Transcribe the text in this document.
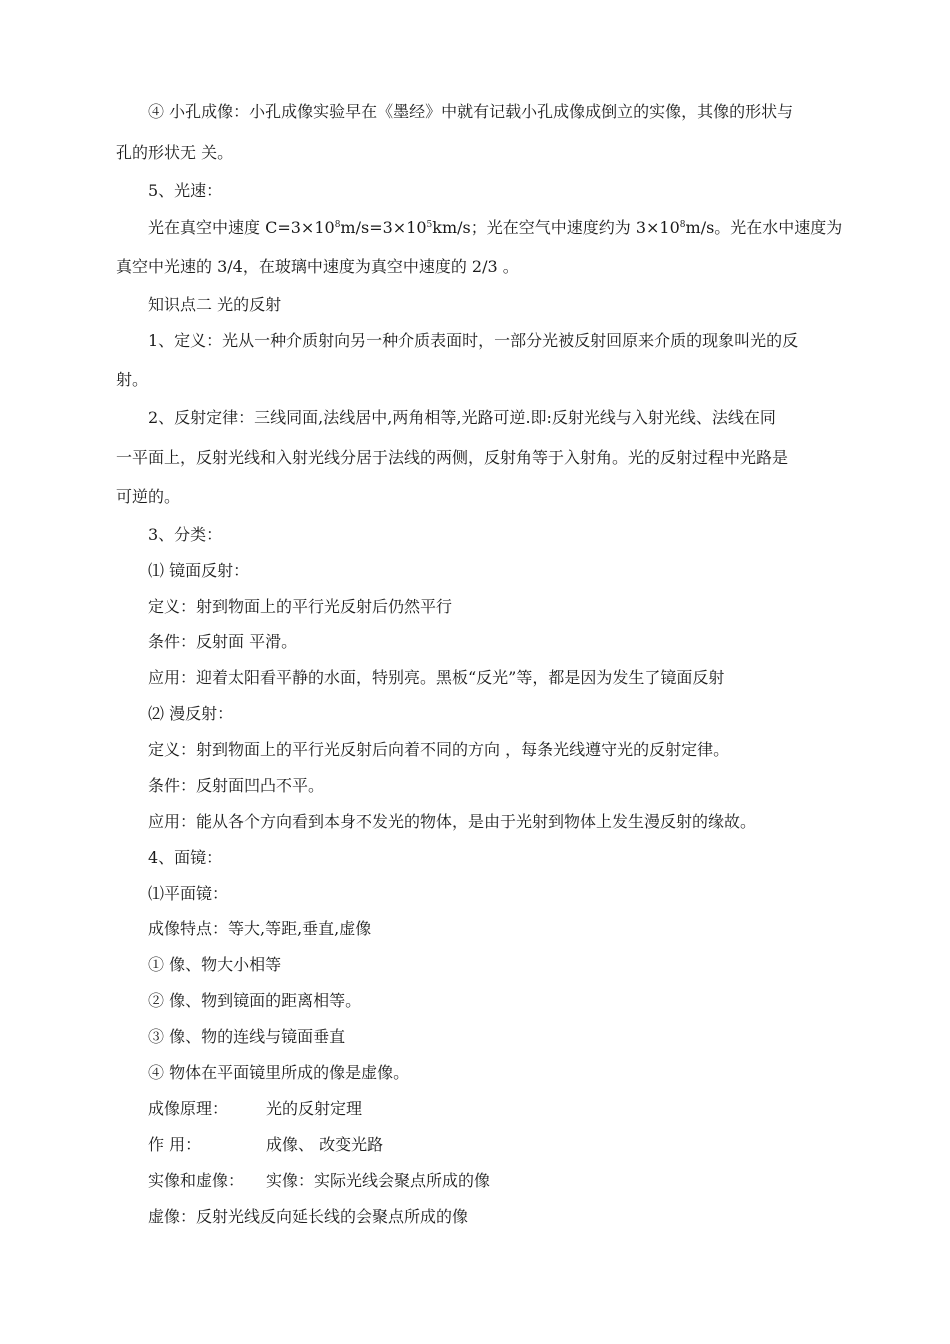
④ 小孔成像：小孔成像实验早在《墨经》中就有记载小孔成像成倒立的实像，其像的形状与
孔的形状无 关。
5、光速：
光在真空中速度 $C=3\times 10^8m/s=3\times 10^5km/s$；光在空气中速度约为 $3\times 10^8m/s$。光在水中速度为
真空中光速的 3/4，在玻璃中速度为真空中速度的 2/3 。
知识点二 光的反射
1、定义：光从一种介质射向另一种介质表面时，一部分光被反射回原来介质的现象叫光的反
射。
2、反射定律：三线同面,法线居中,两角相等,光路可逆.即:反射光线与入射光线、法线在同
一平面上，反射光线和入射光线分居于法线的两侧，反射角等于入射角。光的反射过程中光路是
可逆的。
3、分类：
⑴ 镜面反射：
定义：射到物面上的平行光反射后仍然平行
条件：反射面 平滑。
应用：迎着太阳看平静的水面，特别亮。黑板“反光”等，都是因为发生了镜面反射
⑵ 漫反射：
定义：射到物面上的平行光反射后向着不同的方向 ，每条光线遵守光的反射定律。
条件：反射面凹凸不平。
应用：能从各个方向看到本身不发光的物体，是由于光射到物体上发生漫反射的缘故。
4、面镜：
⑴平面镜：
成像特点：等大,等距,垂直,虚像
① 像、物大小相等
② 像、物到镜面的距离相等。
③ 像、物的连线与镜面垂直
④ 物体在平面镜里所成的像是虚像。
成像原理： 光的反射定理
作 用：	成像、 改变光路
实像和虚像： 实像：实际光线会聚点所成的像
虚像：反射光线反向延长线的会聚点所成的像
